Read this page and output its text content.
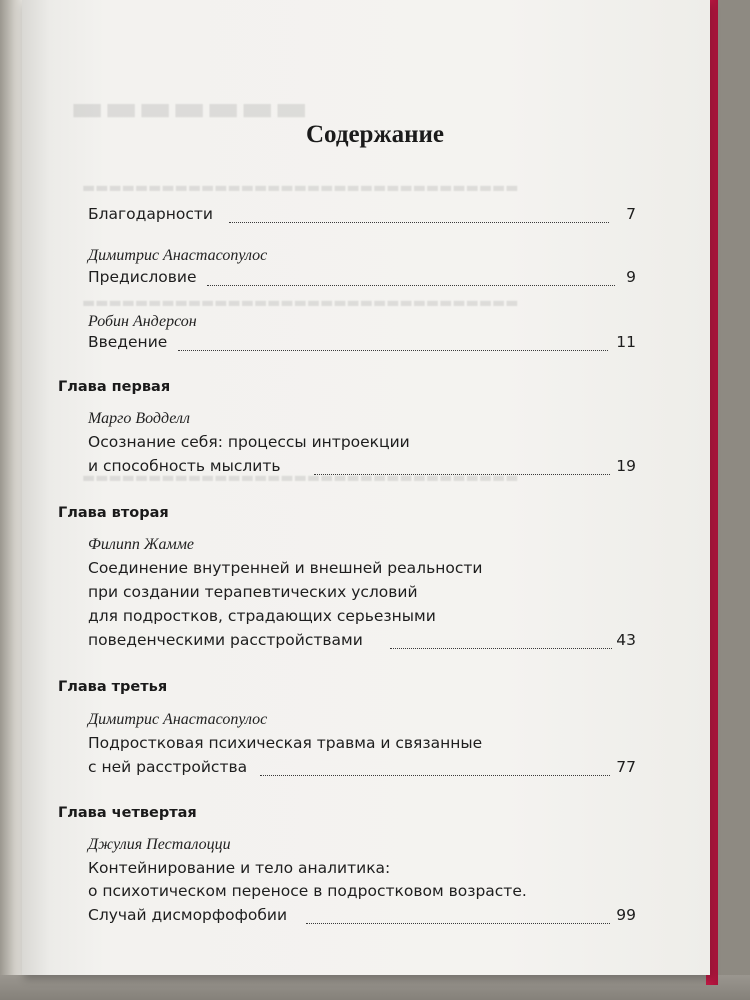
▬▬▬▬▬▬▬
▬▬▬▬▬▬▬▬▬▬▬▬▬▬▬▬▬▬▬▬▬▬▬▬▬▬▬▬▬▬▬▬▬
▬▬▬▬▬▬▬▬▬▬▬▬▬▬▬▬▬▬▬▬▬▬▬▬▬▬▬▬▬▬▬▬▬
▬▬▬▬▬▬▬▬▬▬▬▬▬▬▬▬▬▬▬▬▬▬▬▬▬▬▬▬▬▬▬▬▬
Содержание
Благодарности	7
Димитрис Анастасопулос
Предисловие	9
Робин Андерсон
Введение	11
Глава первая
Марго Водделл
Осознание себя: процессы интроекции
и способность мыслить	19
Глава вторая
Филипп Жамме
Соединение внутренней и внешней реальности
при создании терапевтических условий
для подростков, страдающих серьезными
поведенческими расстройствами	43
Глава третья
Димитрис Анастасопулос
Подростковая психическая травма и связанные
с ней расстройства	77
Глава четвертая
Джулия Песталоцци
Контейнирование и тело аналитика:
о психотическом переносе в подростковом возрасте.
Случай дисморфофобии	99
